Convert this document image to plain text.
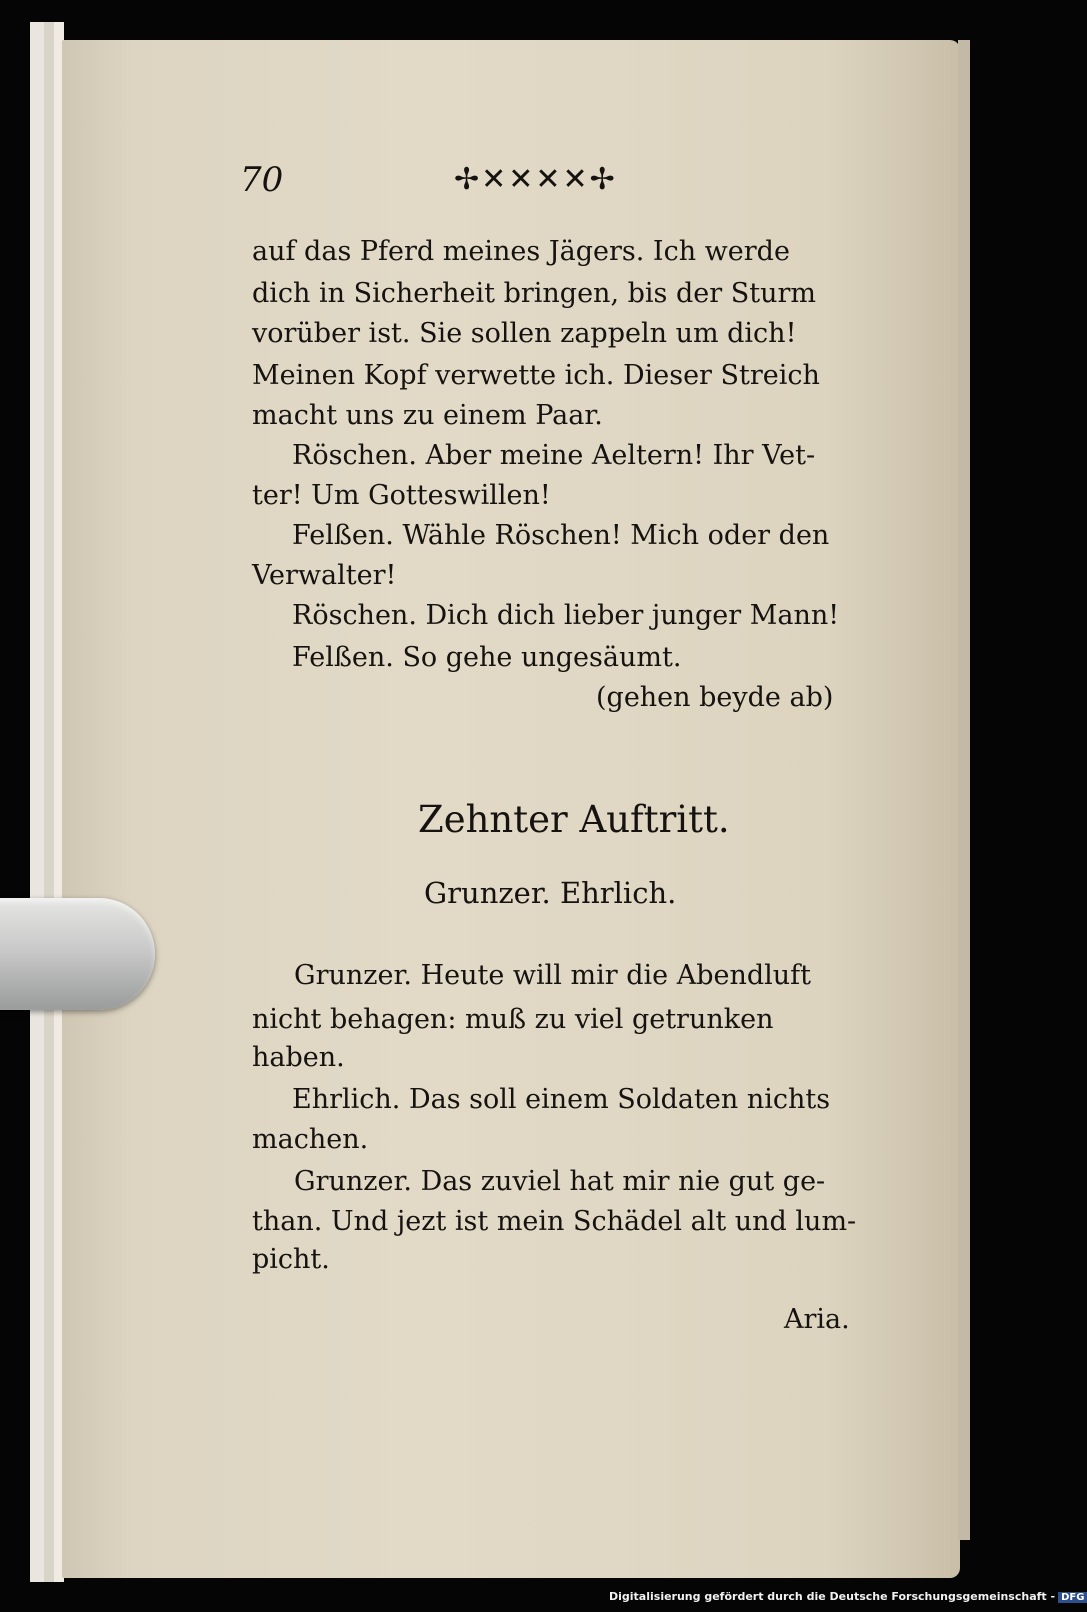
70	✢✕✕✕✕✢
auf das Pferd meines Jägers. Ich werde
dich in Sicherheit bringen, bis der Sturm
vorüber ist. Sie sollen zappeln um dich!
Meinen Kopf verwette ich. Dieser Streich
macht uns zu einem Paar.
Röschen. Aber meine Aeltern! Ihr Vet-
ter! Um Gotteswillen!
Felßen. Wähle Röschen! Mich oder den
Verwalter!
Röschen. Dich dich lieber junger Mann!
Felßen. So gehe ungesäumt.
(gehen beyde ab)
Zehnter Auftritt.
Grunzer. Ehrlich.
Grunzer. Heute will mir die Abendluft
nicht behagen: muß zu viel getrunken
haben.
Ehrlich. Das soll einem Soldaten nichts
machen.
Grunzer. Das zuviel hat mir nie gut ge-
than. Und jezt ist mein Schädel alt und lum-
picht.
Aria.
Digitalisierung gefördert durch die Deutsche Forschungsgemeinschaft - DFG
